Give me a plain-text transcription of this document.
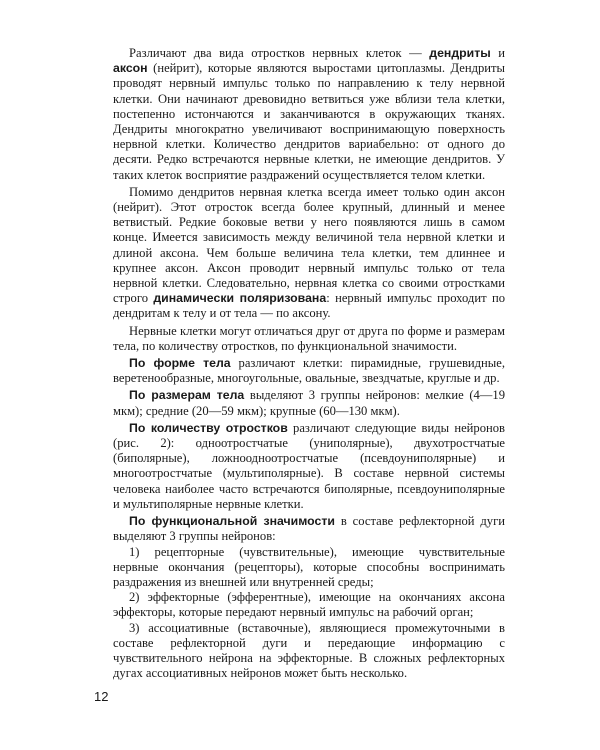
Различают два вида отростков нервных клеток — дендриты и аксон (нейрит), которые являются выростами цитоплазмы. Дендриты проводят нервный импульс только по направлению к телу нервной клетки. Они начинают древовидно ветвиться уже вблизи тела клетки, постепенно истончаются и заканчиваются в окружающих тканях. Дендриты многократно увеличивают воспринимающую поверхность нервной клетки. Количество дендритов вариабельно: от одного до десяти. Редко встречаются нервные клетки, не имеющие дендритов. У таких клеток восприятие раздражений осуществляется телом клетки.

Помимо дендритов нервная клетка всегда имеет только один аксон (нейрит). Этот отросток всегда более крупный, длинный и менее ветвистый. Редкие боковые ветви у него появляются лишь в самом конце. Имеется зависимость между величиной тела нервной клетки и длиной аксона. Чем больше величина тела клетки, тем длиннее и крупнее аксон. Аксон проводит нервный импульс только от тела нервной клетки. Следовательно, нервная клетка со своими отростками строго динамически поляризована: нервный импульс проходит по дендритам к телу и от тела — по аксону.

Нервные клетки могут отличаться друг от друга по форме и размерам тела, по количеству отростков, по функциональной значимости.

По форме тела различают клетки: пирамидные, грушевидные, веретенообразные, многоугольные, овальные, звездчатые, круглые и др.

По размерам тела выделяют 3 группы нейронов: мелкие (4—19 мкм); средние (20—59 мкм); крупные (60—130 мкм).

По количеству отростков различают следующие виды нейронов (рис. 2): одноотростчатые (униполярные), двухотростчатые (биполярные), ложноодноотростчатые (псевдоуниполярные) и многоотростчатые (мультиполярные). В составе нервной системы человека наиболее часто встречаются биполярные, псевдоуниполярные и мультиполярные нервные клетки.

По функциональной значимости в составе рефлекторной дуги выделяют 3 группы нейронов:

1) рецепторные (чувствительные), имеющие чувствительные нервные окончания (рецепторы), которые способны воспринимать раздражения из внешней или внутренней среды;

2) эффекторные (эфферентные), имеющие на окончаниях аксона эффекторы, которые передают нервный импульс на рабочий орган;

3) ассоциативные (вставочные), являющиеся промежуточными в составе рефлекторной дуги и передающие информацию с чувствительного нейрона на эффекторные. В сложных рефлекторных дугах ассоциативных нейронов может быть несколько.

12
